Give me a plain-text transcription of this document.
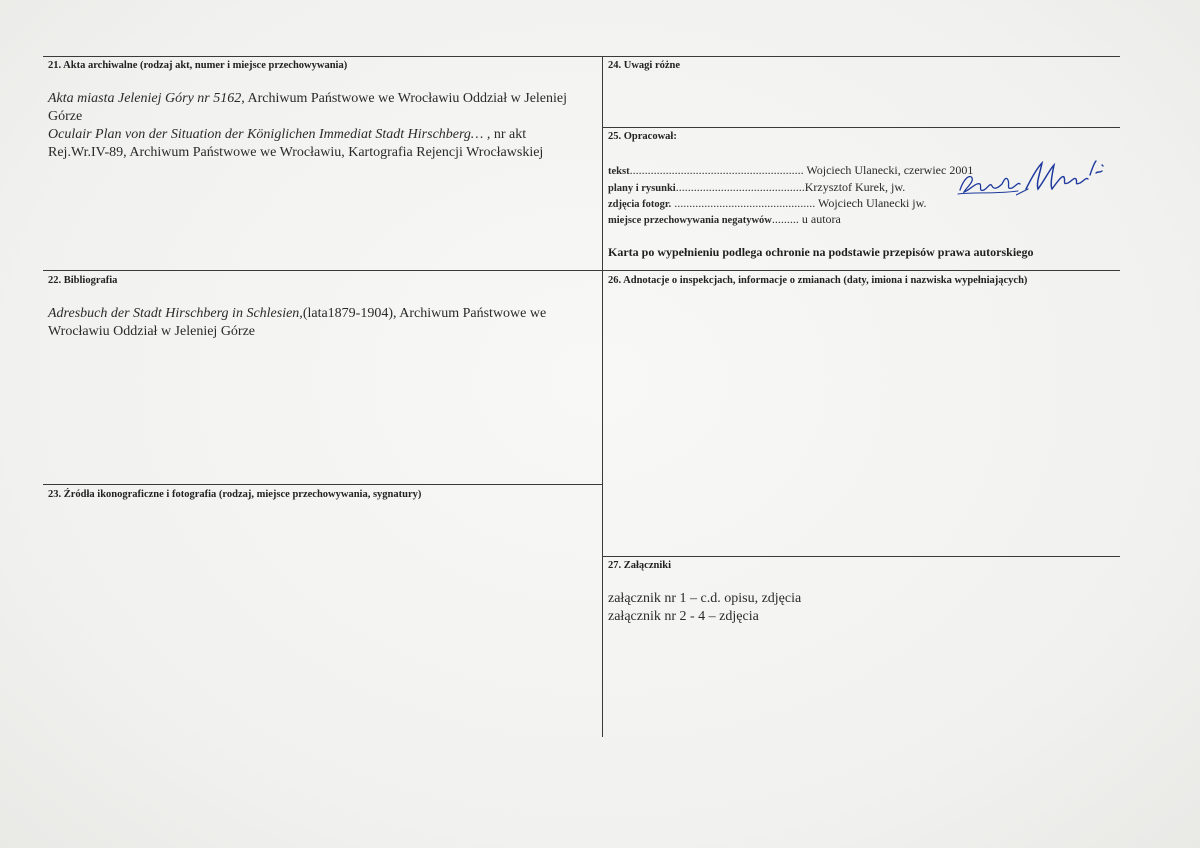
21. Akta archiwalne (rodzaj akt, numer i miejsce przechowywania)
Akta miasta Jeleniej Góry nr 5162, Archiwum Państwowe we Wrocławiu Oddział w Jeleniej Górze
Oculair Plan von der Situation der Königlichen Immediat Stadt Hirschberg… , nr akt Rej.Wr.IV-89, Archiwum Państwowe we Wrocławiu, Kartografia Rejencji Wrocławskiej
22. Bibliografia
Adresbuch der Stadt Hirschberg in Schlesien,(lata1879-1904), Archiwum Państwowe we Wrocławiu Oddział w Jeleniej Górze
23. Źródła ikonograficzne i fotografia (rodzaj, miejsce przechowywania, sygnatury)
24. Uwagi różne
25. Opracował:
tekst.......................................................... Wojciech Ulanecki, czerwiec 2001
plany i rysunki...........................................Krzysztof Kurek, jw.
zdjęcia fotogr. ............................................... Wojciech Ulanecki jw.
miejsce przechowywania negatywów......... u autora
Karta po wypełnieniu podlega ochronie na podstawie przepisów prawa autorskiego
26. Adnotacje o inspekcjach, informacje o zmianach (daty, imiona i nazwiska wypełniających)
27. Załączniki
załącznik nr 1 – c.d. opisu, zdjęcia
załącznik nr 2 - 4 – zdjęcia
